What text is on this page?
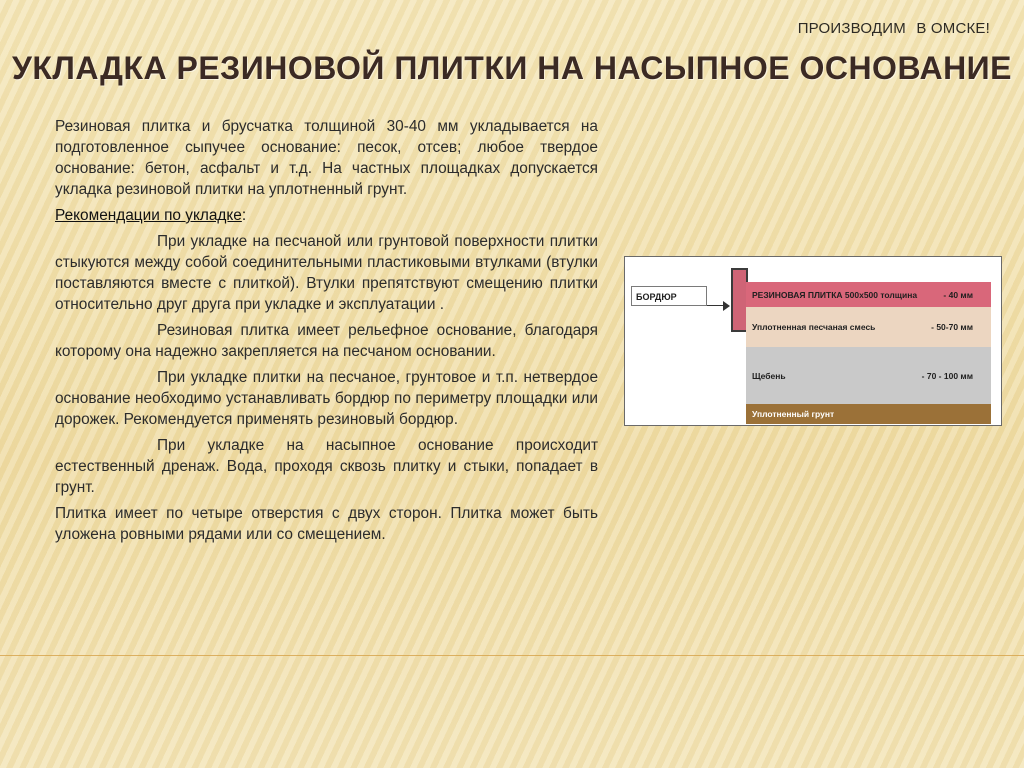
ПРОИЗВОДИМ В ОМСКЕ!
УКЛАДКА РЕЗИНОВОЙ ПЛИТКИ НА НАСЫПНОЕ ОСНОВАНИЕ

Резиновая плитка и брусчатка толщиной 30-40 мм укладывается на подготовленное сыпучее основание: песок, отсев; любое твердое основание: бетон, асфальт и т.д. На частных площадках допускается укладка резиновой плитки на уплотненный грунт.

Рекомендации по укладке:

При укладке на песчаной или грунтовой поверхности плитки стыкуются между собой соединительными пластиковыми втулками (втулки поставляются вместе с плиткой). Втулки препятствуют смещению плитки относительно друг друга при укладке и эксплуатации .

Резиновая плитка имеет рельефное основание, благодаря которому она надежно закрепляется на песчаном основании.

При укладке плитки на песчаное, грунтовое и т.п. нетвердое основание необходимо устанавливать бордюр по периметру площадки или дорожек. Рекомендуется применять резиновый бордюр.

При укладке на насыпное основание происходит естественный дренаж. Вода, проходя сквозь плитку и стыки, попадает в грунт.

Плитка имеет по четыре отверстия с двух сторон. Плитка может быть уложена ровными рядами или со смещением.

БОРДЮР	РЕЗИНОВАЯ ПЛИТКА 500х500 толщина	- 40 мм
Уплотненная песчаная смесь	- 50-70 мм
Щебень	- 70 - 100 мм
Уплотненный грунт
